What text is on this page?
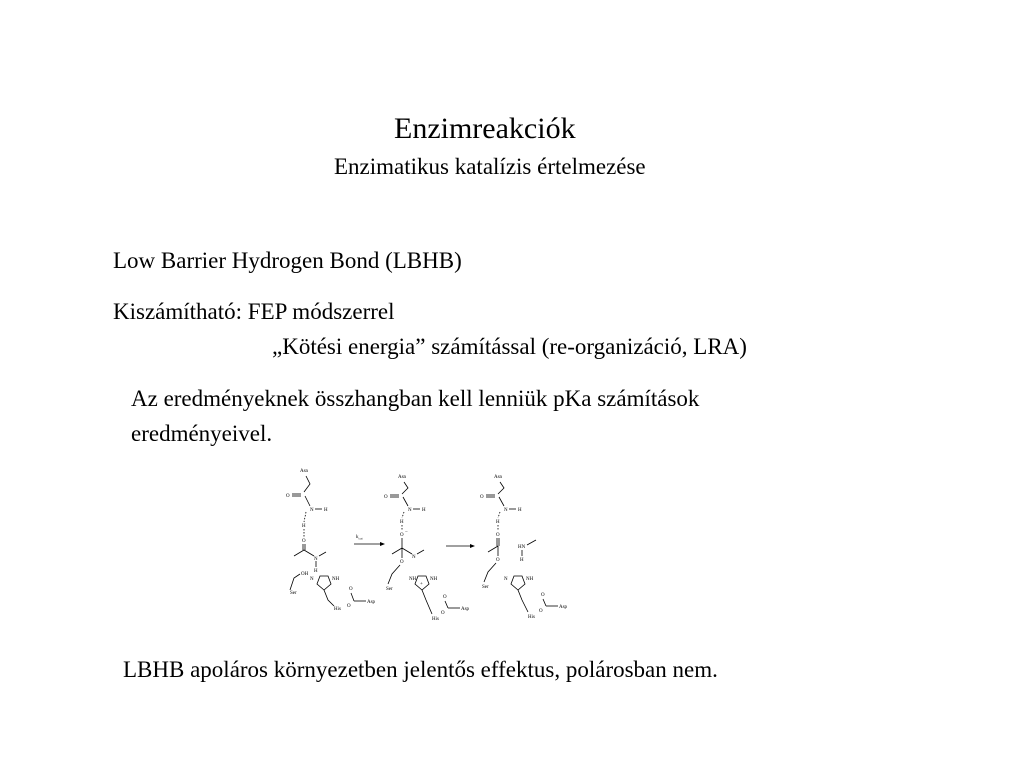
Enzimreakciók
Enzimatikus katalízis értelmezése
Low Barrier Hydrogen Bond (LBHB)
Kiszámítható: FEP módszerrel
„Kötési energia” számítással (re-organizáció, LRA)
Az eredményeknek összhangban kell lenniük pKa számítások
eredményeivel.
Asn
O
N H
H
O
N
H
OH
Ser
N	NH
His
O
O
Asp
$k_{cat}$
Asn
O
N H
H
O
−
N
O
Ser
NH	NH
+
His
O
O
Asp
Asn
O
N H
H
O
O
Ser
HN
H
N	NH
His
O
O
Asp
LBHB apoláros környezetben jelentős effektus, polárosban nem.
